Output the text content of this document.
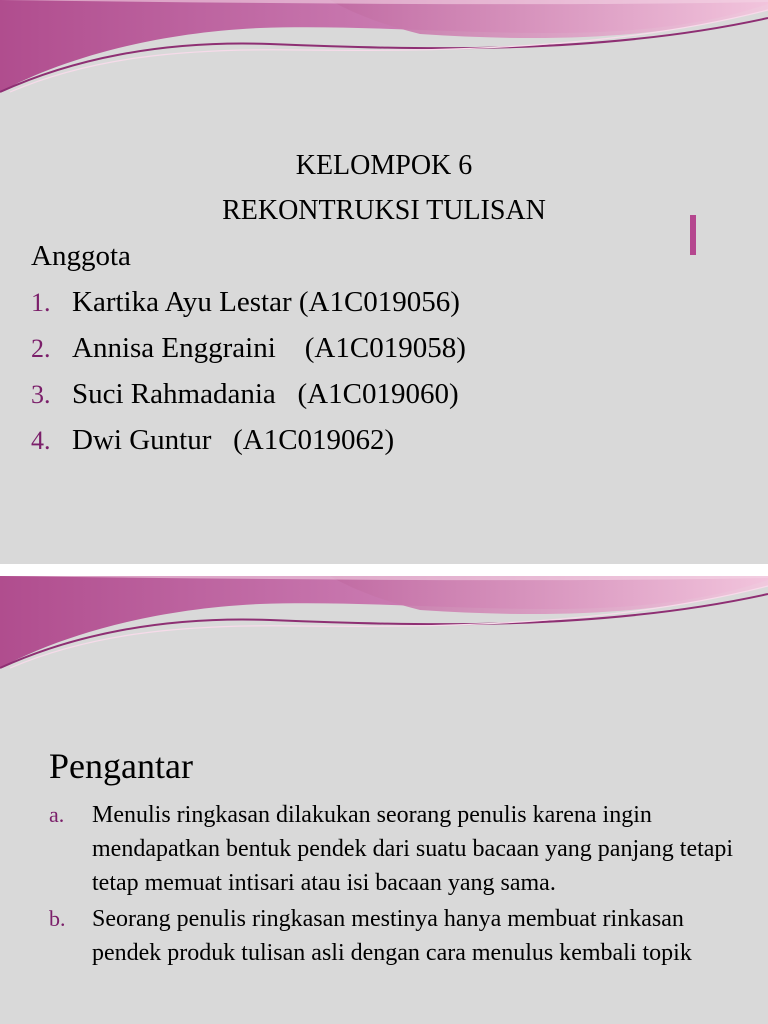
KELOMPOK 6
REKONTRUKSI TULISAN
Anggota
1. Kartika Ayu Lestar (A1C019056)
2. Annisa Enggraini    (A1C019058)
3. Suci Rahmadania   (A1C019060)
4. Dwi Guntur   (A1C019062)
Pengantar
a. Menulis ringkasan dilakukan seorang penulis karena ingin mendapatkan bentuk pendek dari suatu bacaan yang panjang tetapi tetap memuat intisari atau isi bacaan yang sama.
b. Seorang penulis ringkasan mestinya hanya membuat rinkasan pendek produk tulisan asli dengan cara menulus kembali topik
